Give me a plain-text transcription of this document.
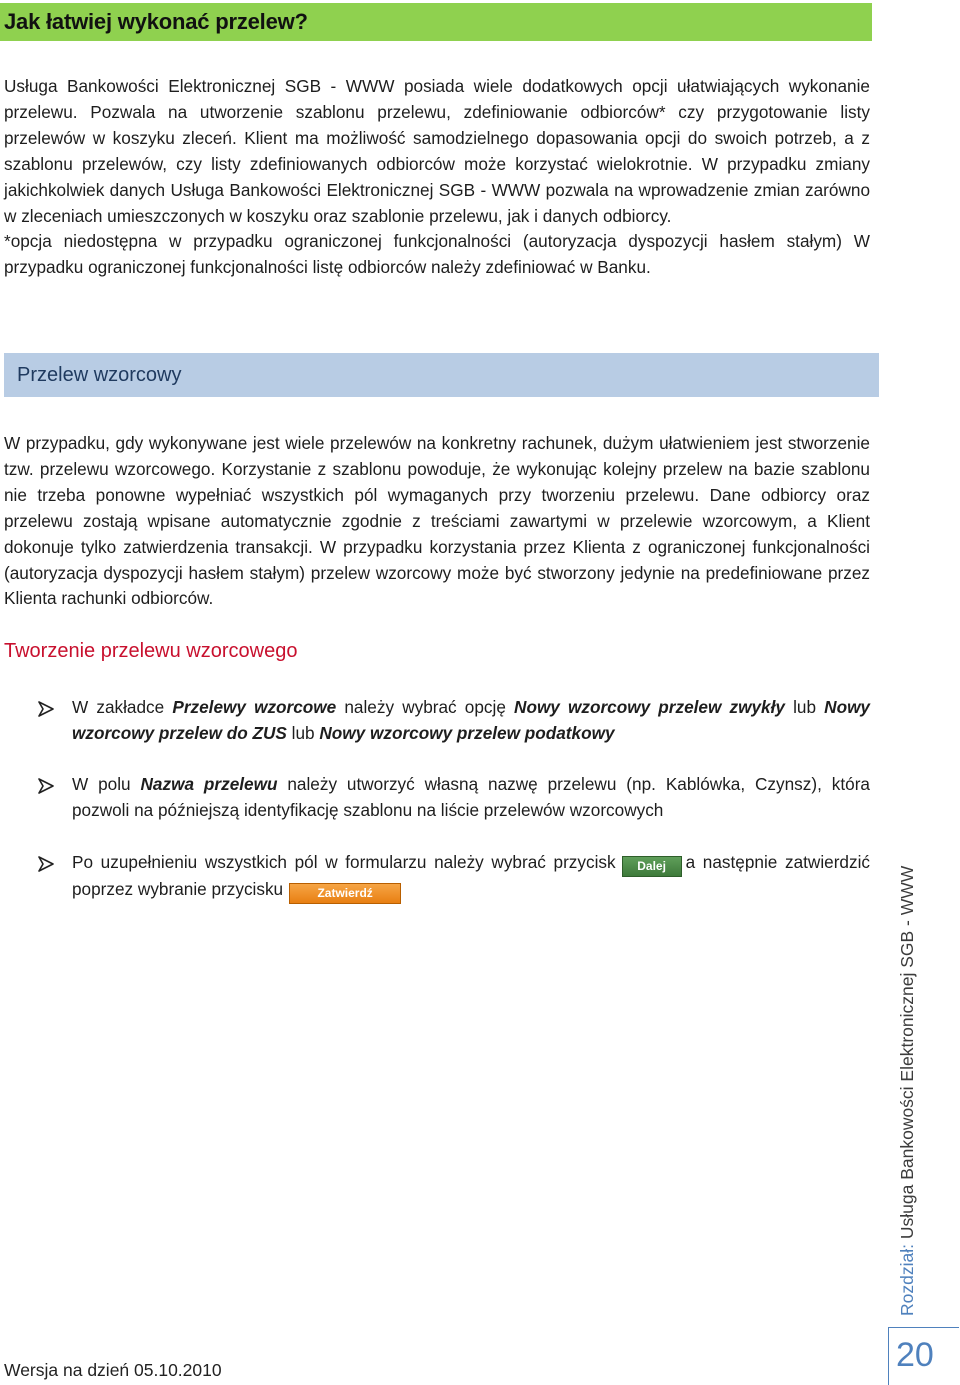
Jak łatwiej wykonać przelew?
Usługa Bankowości Elektronicznej SGB - WWW posiada wiele dodatkowych opcji ułatwiających wykonanie przelewu. Pozwala na utworzenie szablonu przelewu, zdefiniowanie odbiorców* czy przygotowanie listy przelewów w koszyku zleceń. Klient ma możliwość samodzielnego dopasowania opcji do swoich potrzeb, a z szablonu przelewów, czy listy zdefiniowanych odbiorców może korzystać wielokrotnie. W przypadku zmiany jakichkolwiek danych Usługa Bankowości Elektronicznej SGB - WWW pozwala na wprowadzenie zmian zarówno w zleceniach umieszczonych w koszyku oraz szablonie przelewu, jak i danych odbiorcy.
*opcja niedostępna w przypadku ograniczonej funkcjonalności (autoryzacja dyspozycji hasłem stałym) W przypadku ograniczonej funkcjonalności listę odbiorców należy zdefiniować w Banku.
Przelew wzorcowy

W przypadku, gdy wykonywane jest wiele przelewów na konkretny rachunek, dużym ułatwieniem jest stworzenie tzw. przelewu wzorcowego. Korzystanie z szablonu powoduje, że wykonując kolejny przelew na bazie szablonu nie trzeba ponowne wypełniać wszystkich pól wymaganych przy tworzeniu przelewu. Dane odbiorcy oraz przelewu zostają wpisane automatycznie zgodnie z treściami zawartymi w przelewie wzorcowym, a Klient dokonuje tylko zatwierdzenia transakcji. W przypadku korzystania przez Klienta z ograniczonej funkcjonalności (autoryzacja dyspozycji hasłem stałym) przelew wzorcowy może być stworzony jedynie na predefiniowane przez Klienta rachunki odbiorców.

Tworzenie przelewu wzorcowego

W zakładce Przelewy wzorcowe należy wybrać opcję Nowy wzorcowy przelew zwykły lub Nowy wzorcowy przelew do ZUS lub Nowy wzorcowy przelew podatkowy
W polu Nazwa przelewu należy utworzyć własną nazwę przelewu (np. Kablówka, Czynsz), która pozwoli na późniejszą identyfikację szablonu na liście przelewów wzorcowych
Po uzupełnieniu wszystkich pól w formularzu należy wybrać przycisk Dalej a następnie zatwierdzić poprzez wybranie przycisku	Zatwierdź
Rozdział: Usługa Bankowości Elektronicznej SGB - WWW
20
Wersja na dzień 05.10.2010
